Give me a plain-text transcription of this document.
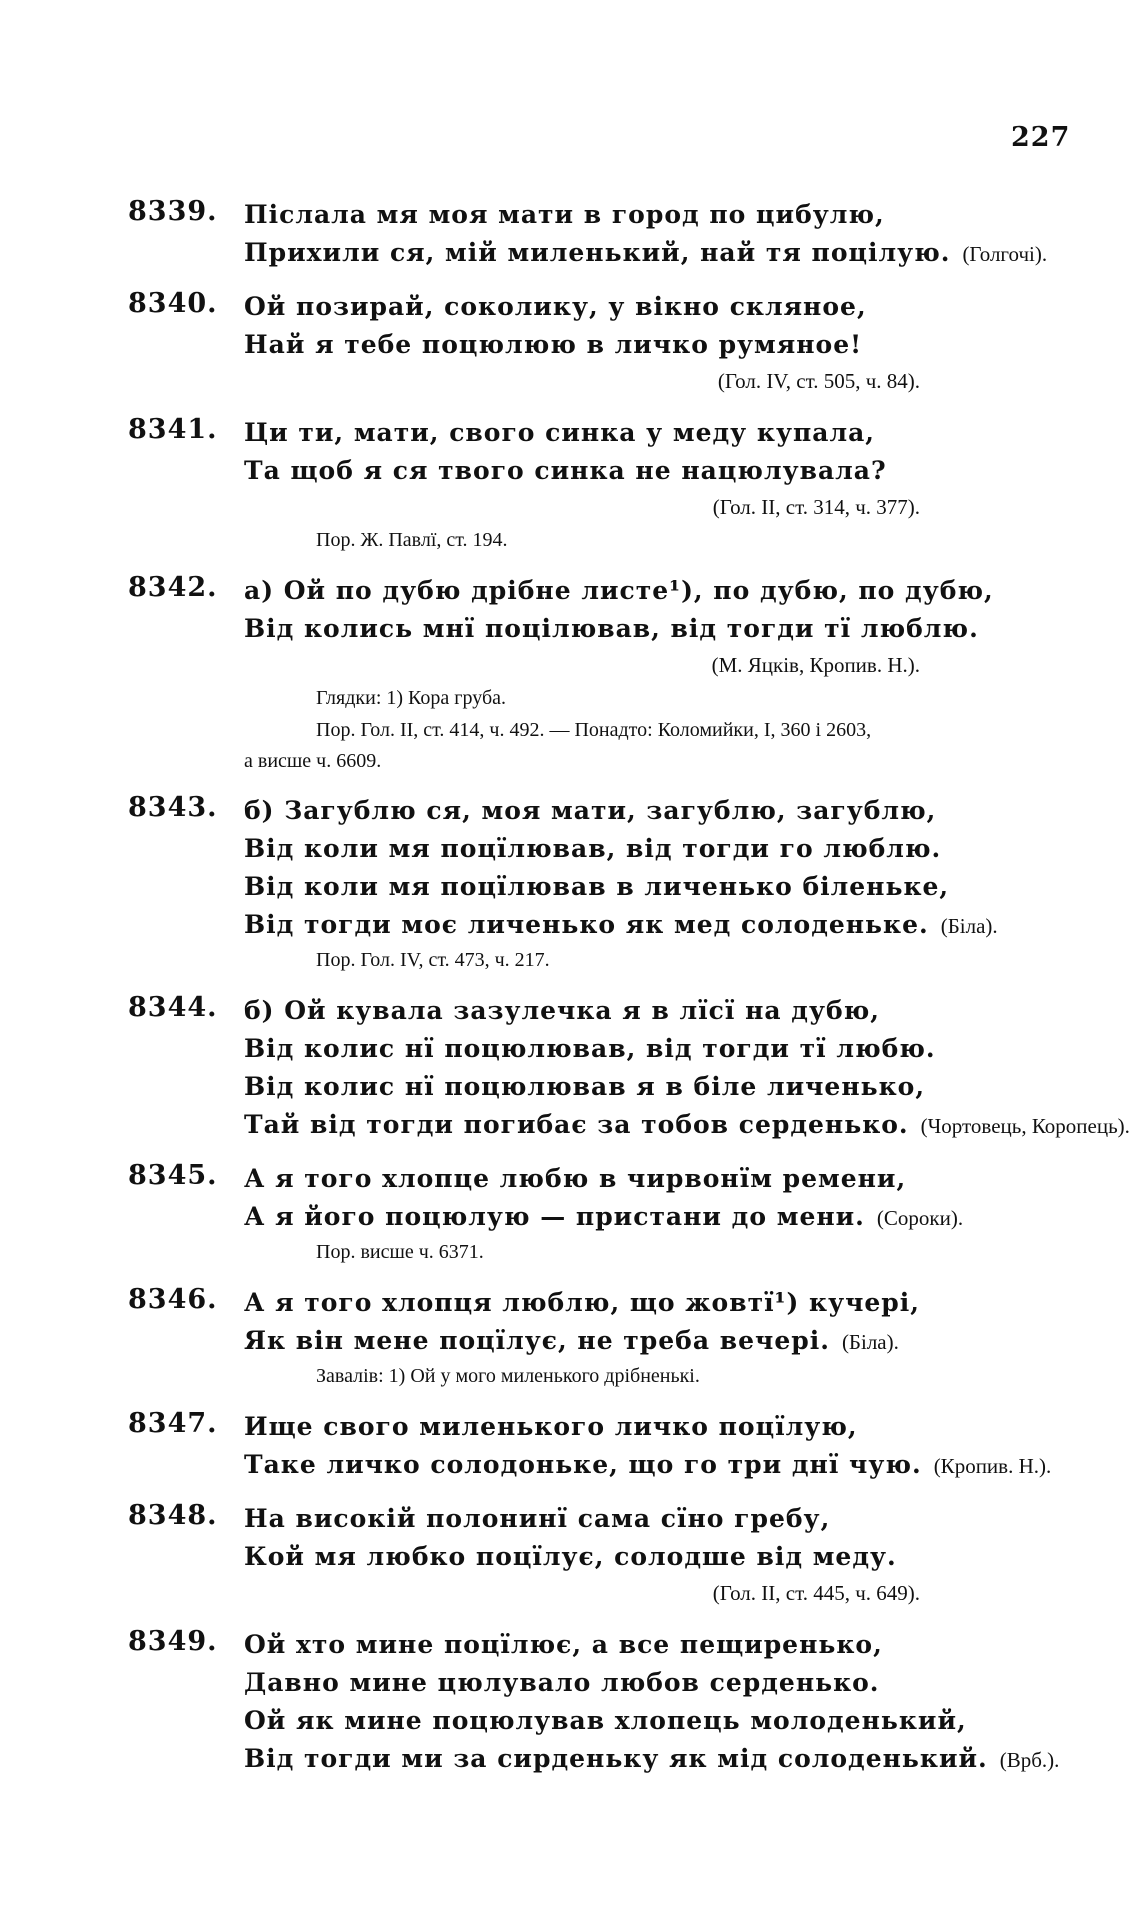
227
8339. Післала мя моя мати в город по цибулю,
Прихили ся, мій миленький, най тя поцілую. (Голгочі).
8340. Ой позирай, соколику, у вікно скляное,
Най я тебе поцюлюю в личко румяное!
(Гол. IV, ст. 505, ч. 84).
8341. Ци ти, мати, свого синка у меду купала,
Та щоб я ся твого синка не нацюлувала?
(Гол. II, ст. 314, ч. 377).
Пор. Ж. Павлї, ст. 194.
8342. а) Ой по дубю дрібне листе¹), по дубю, по дубю,
Від колись мнї поцілював, від тогди тї люблю.
(М. Яцків, Кропив. Н.).
Глядки: 1) Кора груба.
Пор. Гол. II, ст. 414, ч. 492. — Понадто: Коломийки, I, 360 і 2603,
а висше ч. 6609.
8343. б) Загублю ся, моя мати, загублю, загублю,
Від коли мя поцїлював, від тогди го люблю.
Від коли мя поцїлював в личенько біленьке,
Від тогди моє личенько як мед солоденьке. (Біла).
Пор. Гол. IV, ст. 473, ч. 217.
8344. б) Ой кувала зазулечка я в лїсї на дубю,
Від колис нї поцюлював, від тогди тї любю.
Від колис нї поцюлював я в біле личенько,
Тай від тогди погибає за тобов серденько. (Чортовець, Коропець).
8345. А я того хлопце любю в чирвонїм ремени,
А я його поцюлую — пристани до мени. (Сороки).
Пор. висше ч. 6371.
8346. А я того хлопця люблю, що жовтї¹) кучері,
Як він мене поцїлує, не треба вечері. (Біла).
Завалів: 1) Ой у мого миленького дрібненькі.
8347. Ище свого миленького личко поцїлую,
Таке личко солодоньке, що го три днї чую. (Кропив. Н.).
8348. На високій полонинї сама сїно гребу,
Кой мя любко поцїлує, солодше від меду.
(Гол. II, ст. 445, ч. 649).
8349. Ой хто мине поцїлює, а все пещиренько,
Давно мине цюлувало любов серденько.
Ой як мине поцюлував хлопець молоденький,
Від тогди ми за сирденьку як мід солоденький. (Врб.).
